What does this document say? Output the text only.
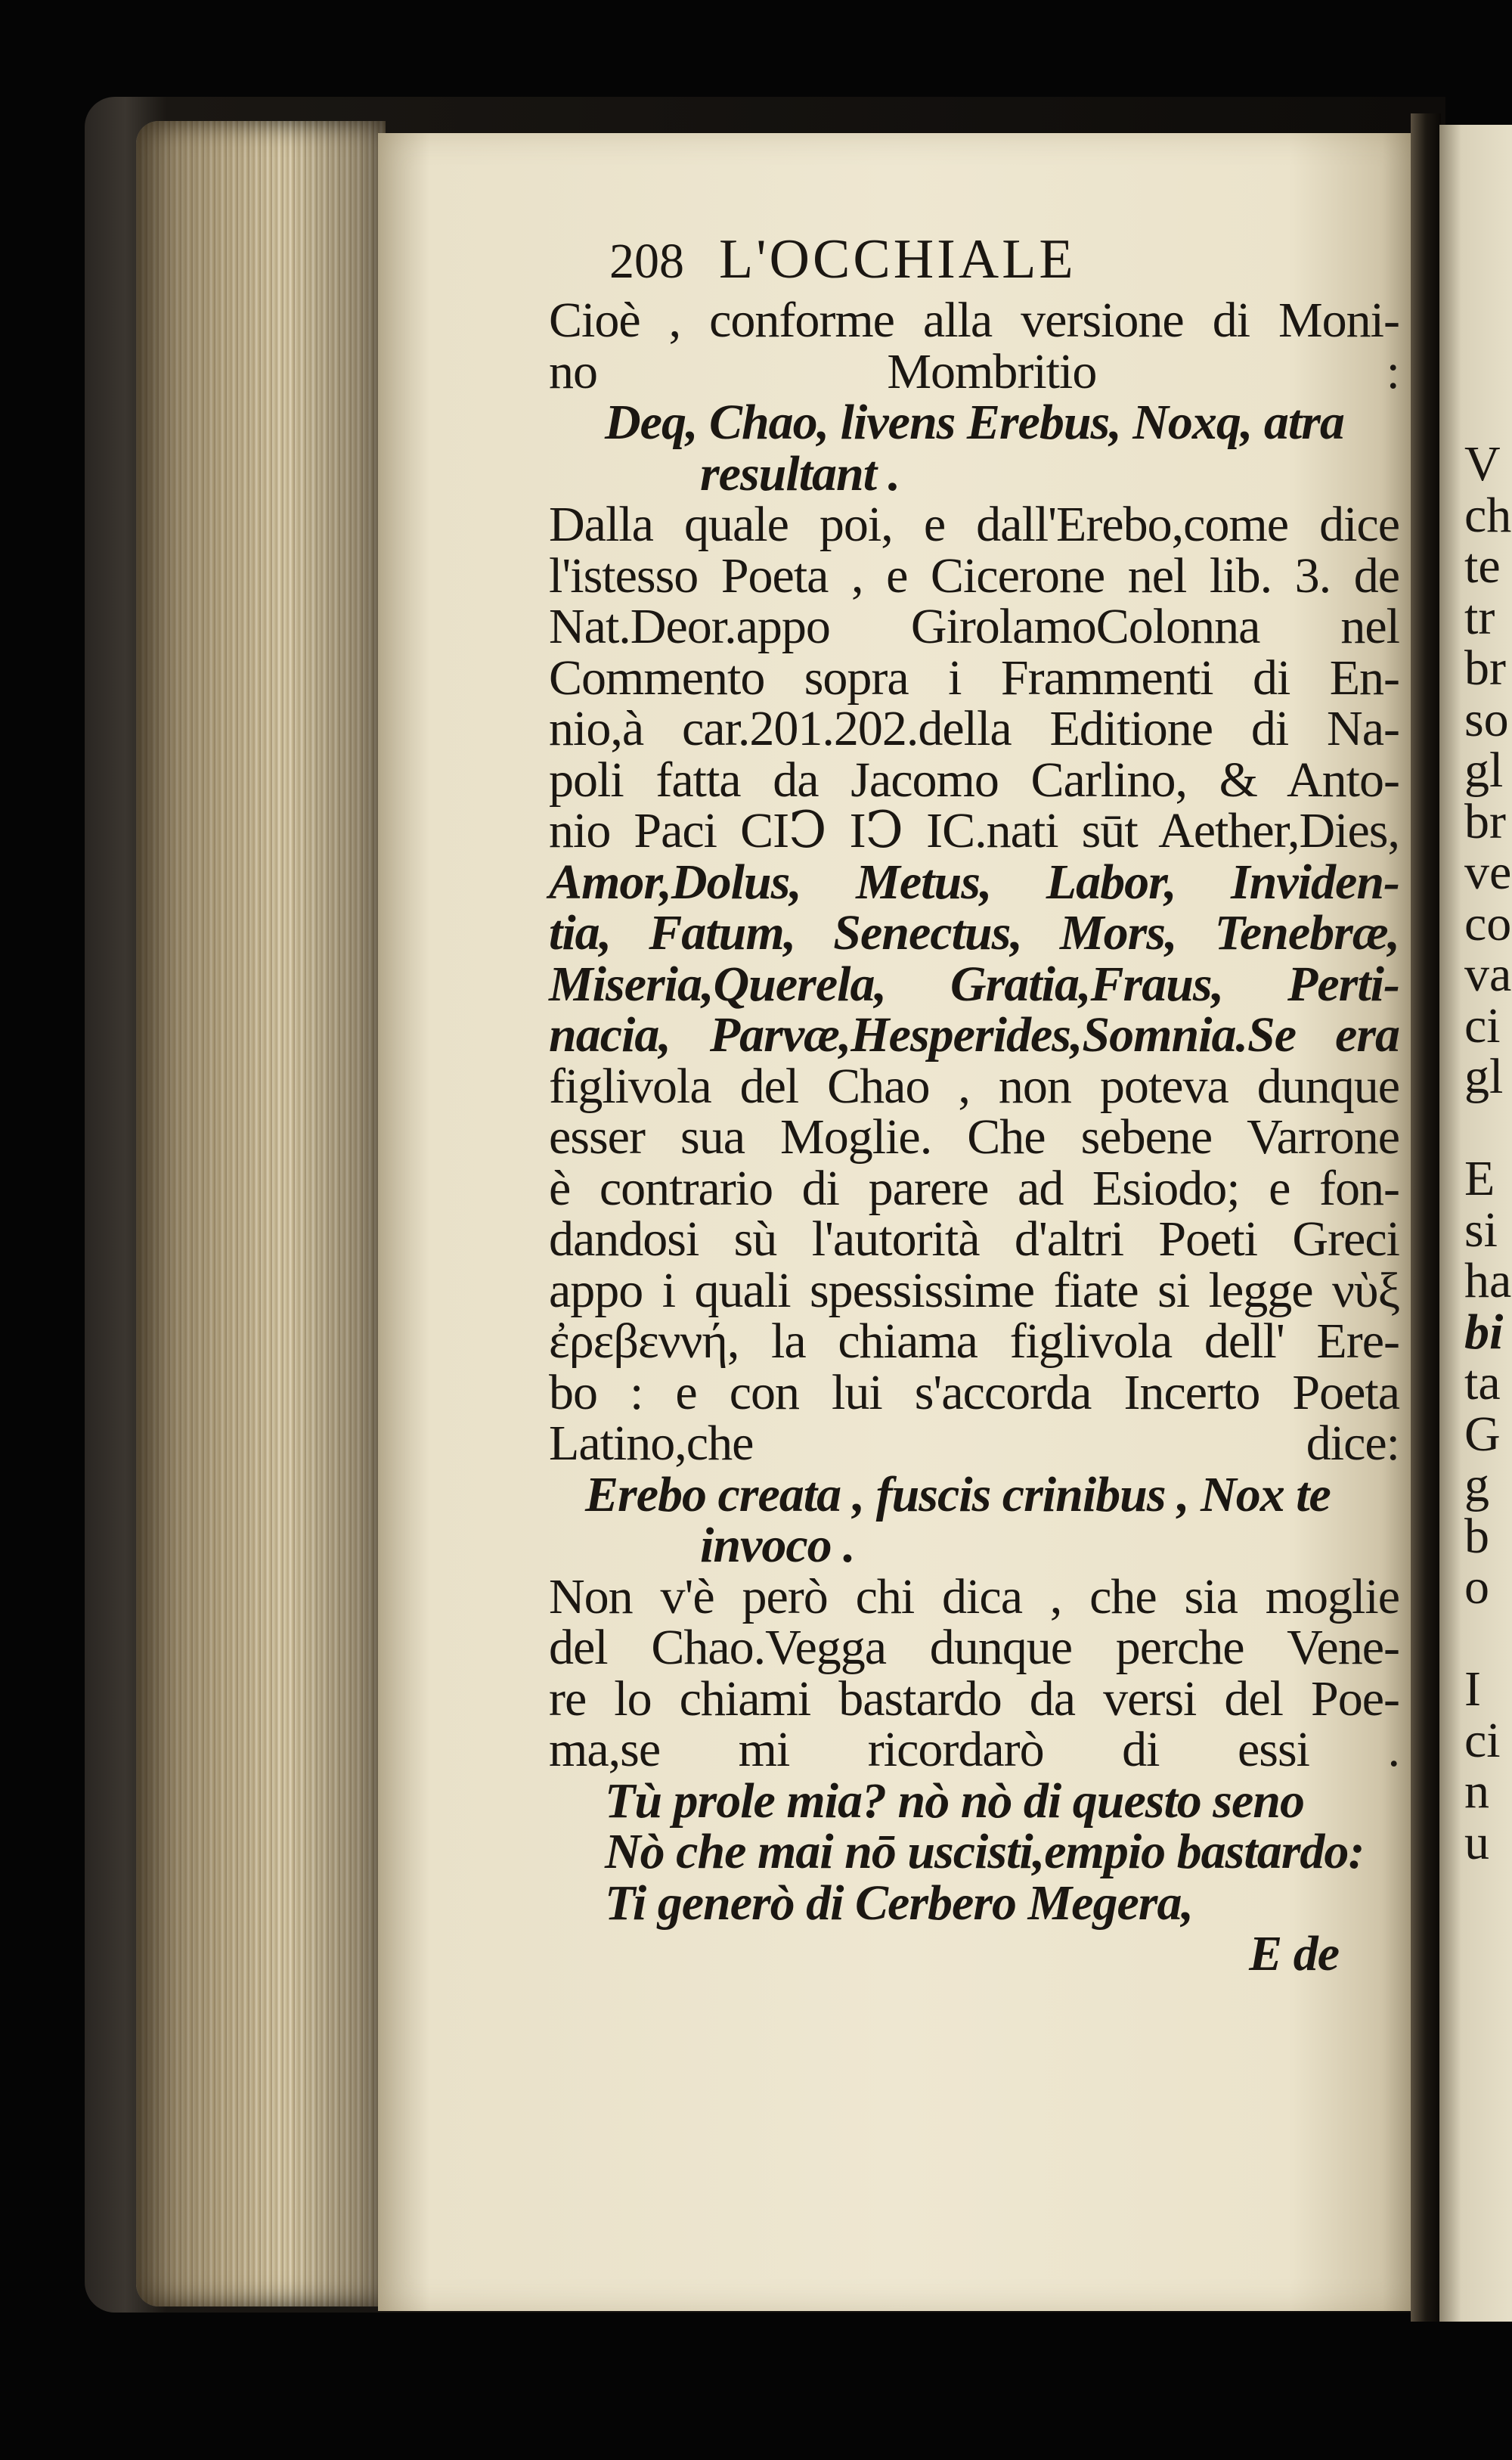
208 L'OCCHIALE
Cioè , conforme alla versione di Moni-
no Mombritio :
Deq, Chao, livens Erebus, Noxq, atra
resultant .
Dalla quale poi, e dall'Erebo,come dice
l'istesso Poeta , e Cicerone nel lib. 3. de
Nat.Deor.appo GirolamoColonna nel
Commento sopra i Frammenti di En-
nio,à car.201.202.della Editione di Na-
poli fatta da Jacomo Carlino, & Anto-
nio Paci CIↃ IↃ IC.nati sūt Aether,Dies,
Amor,Dolus, Metus, Labor, Inviden-
tia, Fatum, Senectus, Mors, Tenebræ,
Miseria,Querela, Gratia,Fraus, Perti-
nacia, Parvæ,Hesperides,Somnia.Se era
figlivola del Chao , non poteva dunque
esser sua Moglie. Che sebene Varrone
è contrario di parere ad Esiodo; e fon-
dandosi sù l'autorità d'altri Poeti Greci
appo i quali spessissime fiate si legge νὺξ
ἐρεβεννή, la chiama figlivola dell' Ere-
bo : e con lui s'accorda Incerto Poeta
Latino,che dice:
Erebo creata , fuscis crinibus , Nox te
invoco .
Non v'è però chi dica , che sia moglie
del Chao.Vegga dunque perche Vene-
re lo chiami bastardo da versi del Poe-
ma,se mi ricordarò di essi .
Tù prole mia? nò nò di questo seno
Nò che mai nō uscisti,empio bastardo:
Ti generò di Cerbero Megera,
E de
V
ch
te
tr
br
so
gl
br
ve
co
va
ci
gl
E
si
ha
bi
ta
G
g
b
o
I
ci
n
u
